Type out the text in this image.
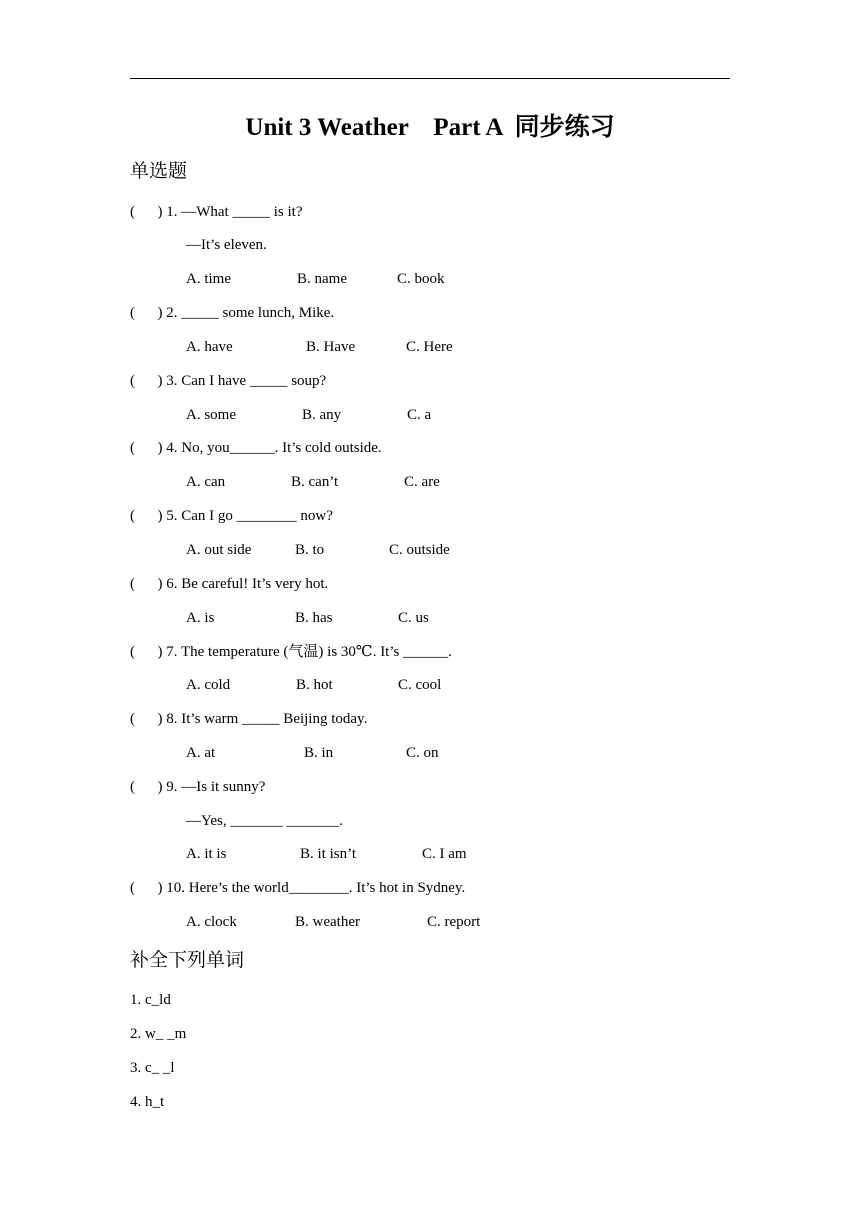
Unit 3 Weather    Part A  同步练习
单选题
(      ) 1. —What _____ is it?
—It’s eleven.
A. time	B. name	C. book
(      ) 2. _____ some lunch, Mike.
A. have	B. Have	C. Here
(      ) 3. Can I have _____ soup?
A. some	B. any	C. a
(      ) 4. No, you______. It’s cold outside.
A. can	B. can’t	C. are
(      ) 5. Can I go ________ now?
A. out side	B. to	C. outside
(      ) 6. Be careful! It’s very hot.
A. is	B. has	C. us
(      ) 7. The temperature (气温) is 30℃. It’s ______.
A. cold	B. hot	C. cool
(      ) 8. It’s warm _____ Beijing today.
A. at	B. in	C. on
(      ) 9. —Is it sunny?
—Yes, _______ _______.
A. it is	B. it isn’t	C. I am
(      ) 10. Here’s the world________. It’s hot in Sydney.
A. clock	B. weather	C. report
补全下列单词
1. c_ld
2. w_ _m
3. c_ _l
4. h_t
